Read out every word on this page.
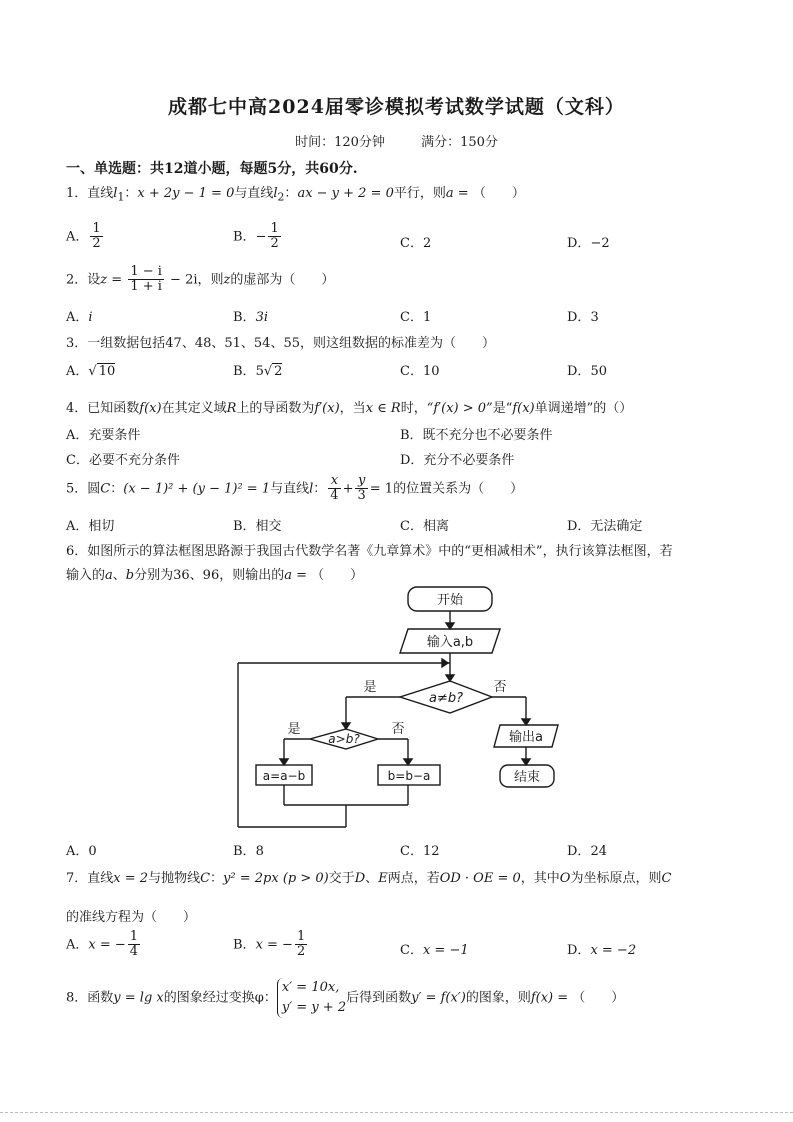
成都七中高2024届零诊模拟考试数学试题（文科）
时间：120分钟	满分：150分
一、单选题：共12道小题，每题5分，共60分.
1．直线$l_1$：x + 2y − 1 = 0与直线$l_2$：ax − y + 2 = 0平行，则a = （　　）
A． $\frac{1}{2}$	B．− $\frac{1}{2}$	C．2	D．−2
2．设$z = \frac{1 - i}{1 + i} - 2i$，则z的虚部为（　　）
A．i	B．3i	C．1	D．3
3．一组数据包括47、48、51、54、55，则这组数据的标准差为（　　）
A．√ 10	B．5√ 2	C．10	D．50
4．已知函数f(x)在其定义域R上的导函数为f′(x)，当x ∈ R时，“f′(x) > 0”是“f(x)单调递增”的（）
A．充要条件	B．既不充分也不必要条件
C．必要不充分条件	D．充分不必要条件
5．圆C：(x − 1)² + (y − 1)² = 1与直线l： $\frac{x}{4} + \frac{y}{3} = 1$的位置关系为（　　）
A．相切	B．相交	C．相离	D．无法确定
6．如图所示的算法框图思路源于我国古代数学名著《九章算术》中的“更相减相术”，执行该算法框图，若
输入的a、b分别为36、96，则输出的a = （　　）
开始
输入a,b
a≠b?
是	否
a>b?
是	否
a=a−b	b=b−a
输出a
结束
A．0	B．8	C．12	D．24
7．直线x = 2与抛物线C：y² = 2px (p > 0)交于D、E两点，若OD · OE = 0，其中O为坐标原点，则C
的准线方程为（　　）
A．x = − $\frac{1}{4}$	B．x = − $\frac{1}{2}$	C．x = −1	D．x = −2
8．函数y = lg x的图象经过变换φ：
x′ = 10x,
y′ = y + 2
后得到函数y′ = f(x′)的图象，则f(x) = （　　）
